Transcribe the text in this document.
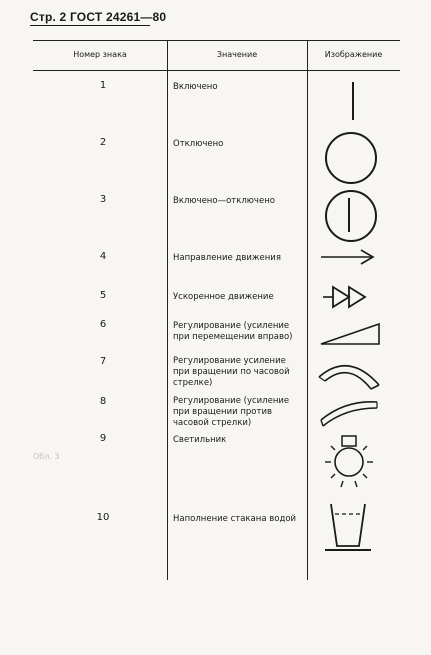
Стр. 2 ГОСТ 24261—80
Обл. 3
Номер знака	Значение	Изображение
1	Включено
2	Отключено
3	Включено—отключено
4	Направление движения
5	Ускоренное движение
6	Регулирование (усиление при перемещении вправо)
7	Регулирование усиление при вращении по часовой стрелке)
8	Регулирование (усиление при вращении против часовой стрелки)
9	Светильник
10	Наполнение стакана водой
